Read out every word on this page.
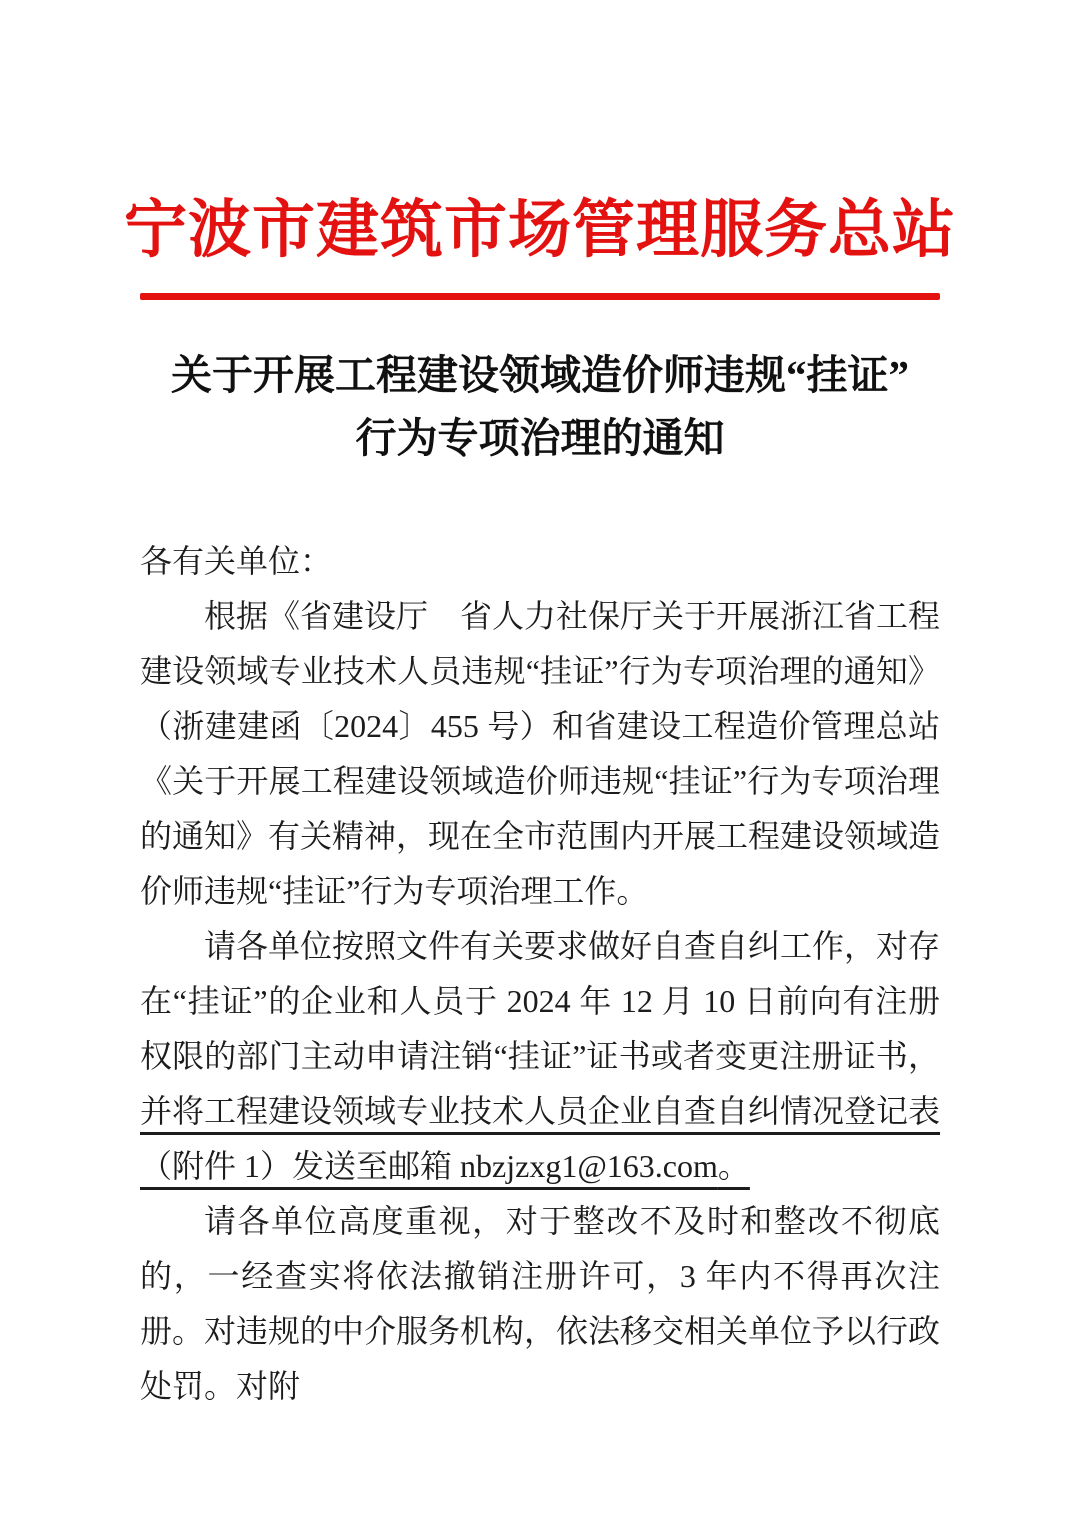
宁波市建筑市场管理服务总站
关于开展工程建设领域造价师违规“挂证”
行为专项治理的通知

各有关单位：

根据《省建设厅　省人力社保厅关于开展浙江省工程建设领域专业技术人员违规“挂证”行为专项治理的通知》（浙建建函〔2024〕455 号）和省建设工程造价管理总站《关于开展工程建设领域造价师违规“挂证”行为专项治理的通知》有关精神，现在全市范围内开展工程建设领域造价师违规“挂证”行为专项治理工作。

请各单位按照文件有关要求做好自查自纠工作，对存在“挂证”的企业和人员于 2024 年 12 月 10 日前向有注册权限的部门主动申请注销“挂证”证书或者变更注册证书，并将工程建设领域专业技术人员企业自查自纠情况登记表（附件 1）发送至邮箱 nbzjzxg1@163.com。

请各单位高度重视，对于整改不及时和整改不彻底的，一经查实将依法撤销注册许可，3 年内不得再次注册。对违规的中介服务机构，依法移交相关单位予以行政处罚。对附
